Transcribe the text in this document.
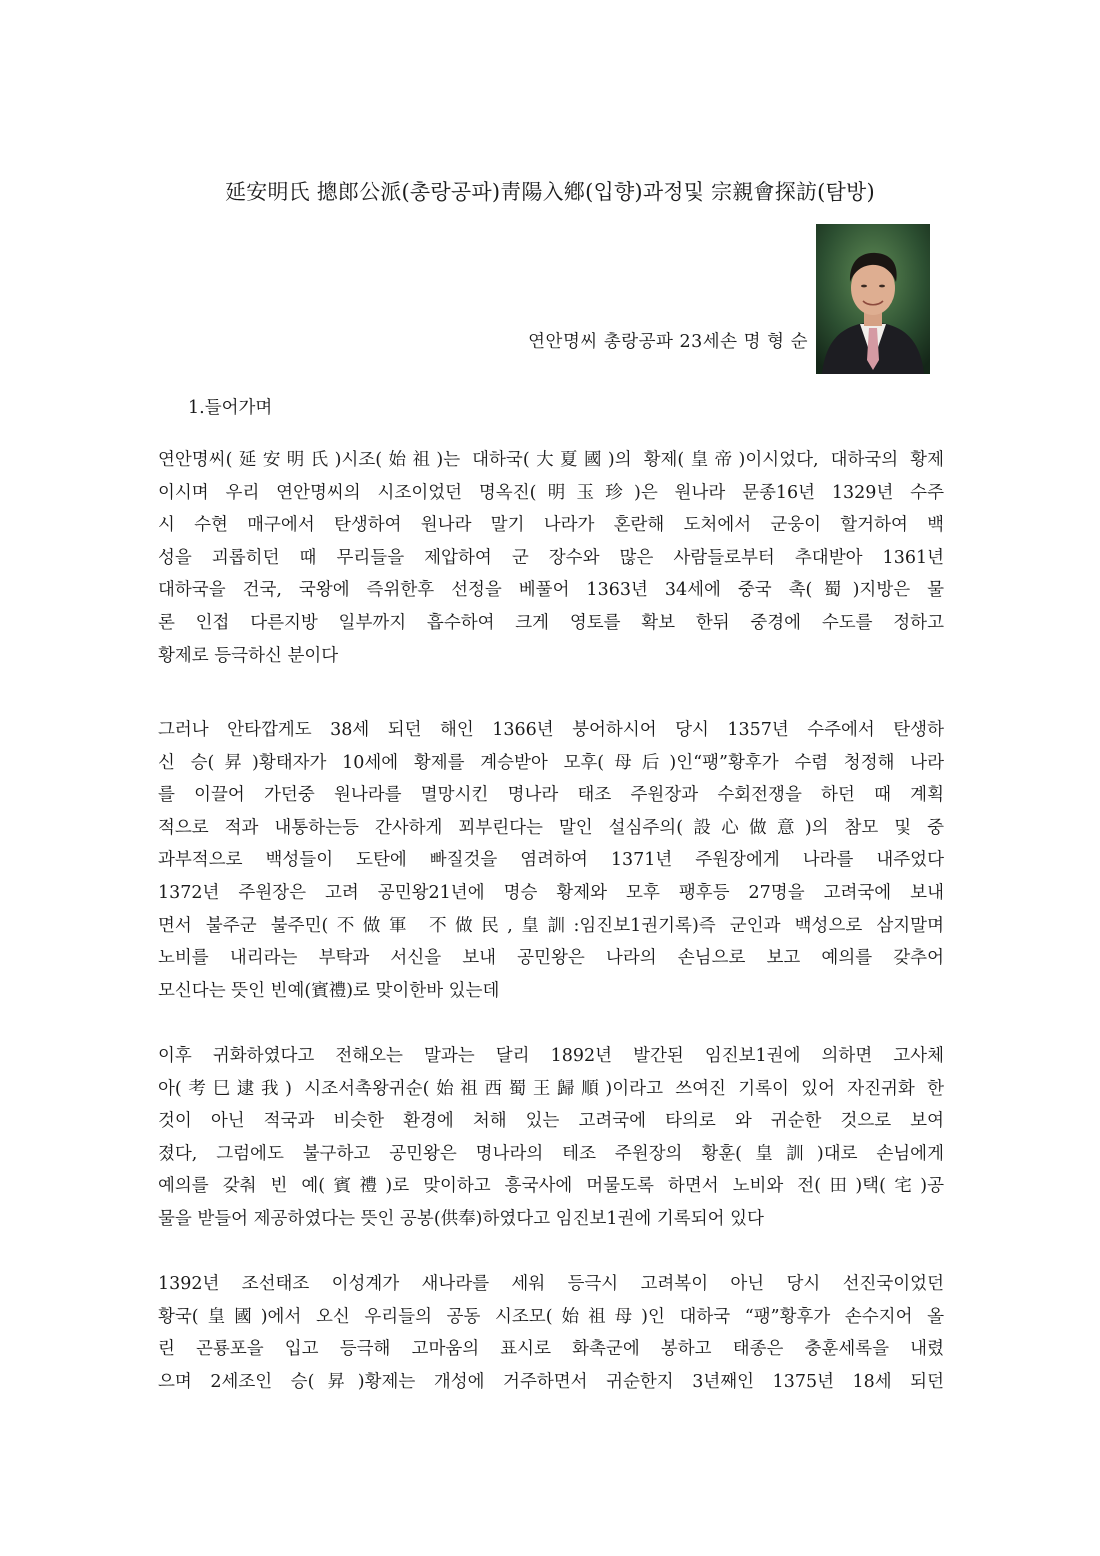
延安明氏 摠郎公派(총랑공파)靑陽入鄕(입향)과정및 宗親會探訪(탐방)
연안명씨 총랑공파 23세손 명 형 순
1.들어가며
연안명씨(延安明氏)시조(始祖)는 대하국(大夏國)의 황제(皇帝)이시었다, 대하국의 황제
이시며 우리 연안명씨의 시조이었던 명옥진(明玉珍)은 원나라 문종16년 1329년 수주
시 수현 매구에서 탄생하여 원나라 말기 나라가 혼란해 도처에서 군웅이 할거하여 백
성을 괴롭히던 때 무리들을 제압하여 군 장수와 많은 사람들로부터 추대받아 1361년
대하국을 건국, 국왕에 즉위한후 선정을 베풀어 1363년 34세에 중국 촉(蜀)지방은 물
론 인접 다른지방 일부까지 흡수하여 크게 영토를 확보 한뒤 중경에 수도를 정하고
황제로 등극하신 분이다
그러나 안타깝게도 38세 되던 해인 1366년 붕어하시어 당시 1357년 수주에서 탄생하
신 승(昇)황태자가 10세에 황제를 계승받아 모후(母后)인“팽”황후가 수렴 청정해 나라
를 이끌어 가던중 원나라를 멸망시킨 명나라 태조 주원장과 수회전쟁을 하던 때 계획
적으로 적과 내통하는등 간사하게 꾀부린다는 말인 설심주의(設心做意)의 참모 및 중
과부적으로 백성들이 도탄에 빠질것을 염려하여 1371년 주원장에게 나라를 내주었다
1372년 주원장은 고려 공민왕21년에 명승 황제와 모후 팽후등 27명을 고려국에 보내
면서 불주군 불주민(不做軍 不做民,皇訓:임진보1권기록)즉 군인과 백성으로 삼지말며
노비를 내리라는 부탁과 서신을 보내 공민왕은 나라의 손님으로 보고 예의를 갖추어
모신다는 뜻인 빈예(賓禮)로 맞이한바 있는데
이후 귀화하였다고 전해오는 말과는 달리 1892년 발간된 임진보1권에 의하면 고사체
아(考巳逮我) 시조서촉왕귀순(始祖西蜀王歸順)이라고 쓰여진 기록이 있어 자진귀화 한
것이 아닌 적국과 비슷한 환경에 처해 있는 고려국에 타의로 와 귀순한 것으로 보여
졌다, 그럼에도 불구하고 공민왕은 명나라의 테조 주원장의 황훈(皇訓)대로 손님에게
예의를 갖춰 빈 예(賓禮)로 맞이하고 흥국사에 머물도록 하면서 노비와 전(田)택(宅)공
물을 받들어 제공하였다는 뜻인 공봉(供奉)하였다고 임진보1권에 기록되어 있다
1392년 조선태조 이성계가 새나라를 세워 등극시 고려복이 아닌 당시 선진국이었던
황국(皇國)에서 오신 우리들의 공동 시조모(始祖母)인 대하국 “팽”황후가 손수지어 올
린 곤룡포을 입고 등극해 고마움의 표시로 화촉군에 봉하고 태종은 충훈세록을 내렸
으며 2세조인 승(昇)황제는 개성에 거주하면서 귀순한지 3년째인 1375년 18세 되던
